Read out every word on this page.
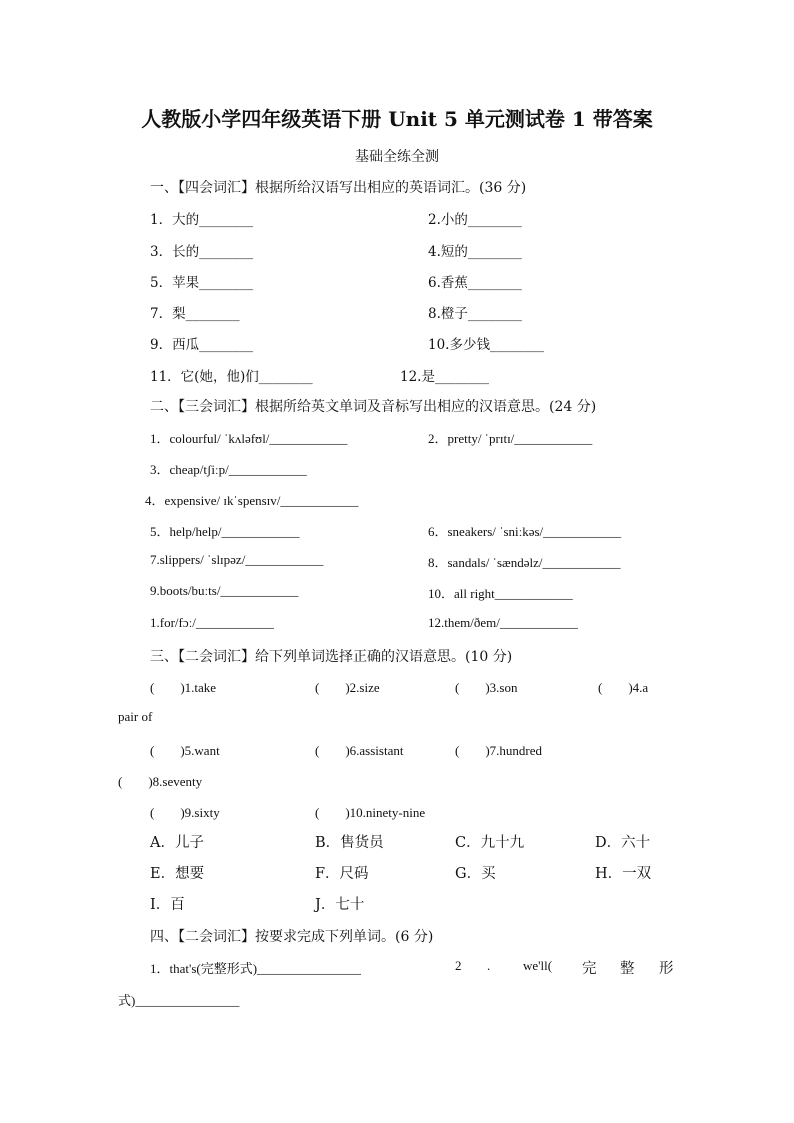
人教版小学四年级英语下册 Unit 5 单元测试卷 1 带答案
基础全练全测
一、【四会词汇】根据所给汉语写出相应的英语词汇。(36 分)
1．大的________	2.小的________
3．长的________	4.短的________
5．苹果________	6.香蕉________
7．梨________	8.橙子________
9．西瓜________	10.多少钱________
11．它(她，他)们________	12.是________
二、【三会词汇】根据所给英文单词及音标写出相应的汉语意思。(24 分)
1．colourful/ ˈkʌləfʊl/____________	2．pretty/ ˈprɪtɪ/____________
3．cheap/tʃiːp/____________
4．expensive/ ɪkˈspensɪv/____________
5．help/help/____________	6．sneakers/ ˈsniːkəs/____________
7.slippers/ ˈslɪpəz/____________	8．sandals/ ˈsændəlz/____________
9.boots/buːts/____________	10．all right____________
1.for/fɔː/____________	12.them/ðem/____________
三、【二会词汇】给下列单词选择正确的汉语意思。(10 分)
(　　)1.take	(　　)2.size	(　　)3.son	(　　)4.a
pair of
(　　)5.want	(　　)6.assistant	(　　)7.hundred
(　　)8.seventy
(　　)9.sixty	(　　)10.ninety-nine
A．儿子	B．售货员	C．九十九	D．六十
E．想要	F．尺码	G．买	H．一双
I．百	J．七十
四、【二会词汇】按要求完成下列单词。(6 分)
1．that's(完整形式)________________	2 .	we'll( 完 整 形
式)________________
